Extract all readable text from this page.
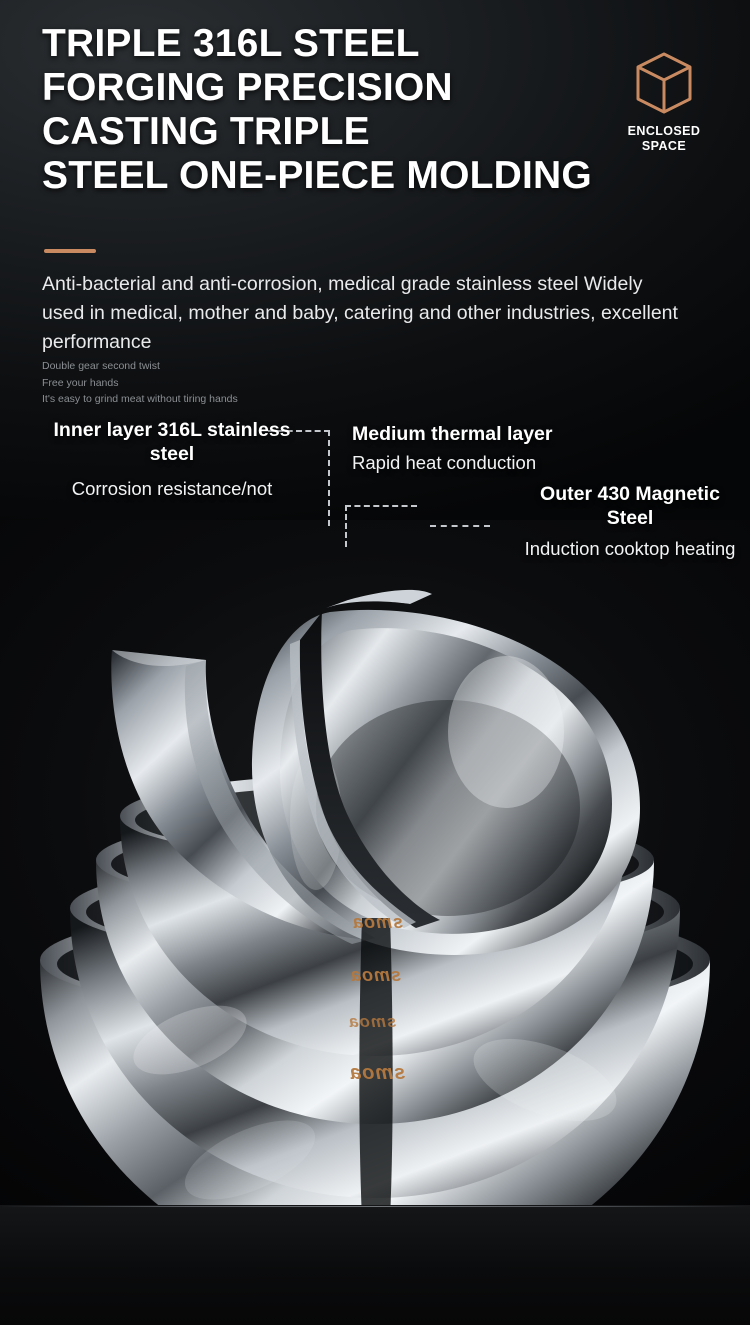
TRIPLE 316L STEEL
FORGING PRECISION
CASTING TRIPLE
STEEL ONE-PIECE MOLDING
Anti-bacterial and anti-corrosion, medical grade stainless steel Widely used in medical, mother and baby, catering and other industries, excellent performance
Double gear second twist
Free your hands
It's easy to grind meat without tiring hands
ENCLOSED
SPACE
Inner layer 316L stainless steel
Corrosion resistance/not
Medium thermal layer
Rapid heat conduction
Outer 430 Magnetic Steel
Induction cooktop heating
smoa
smoa
smoa
smoa
